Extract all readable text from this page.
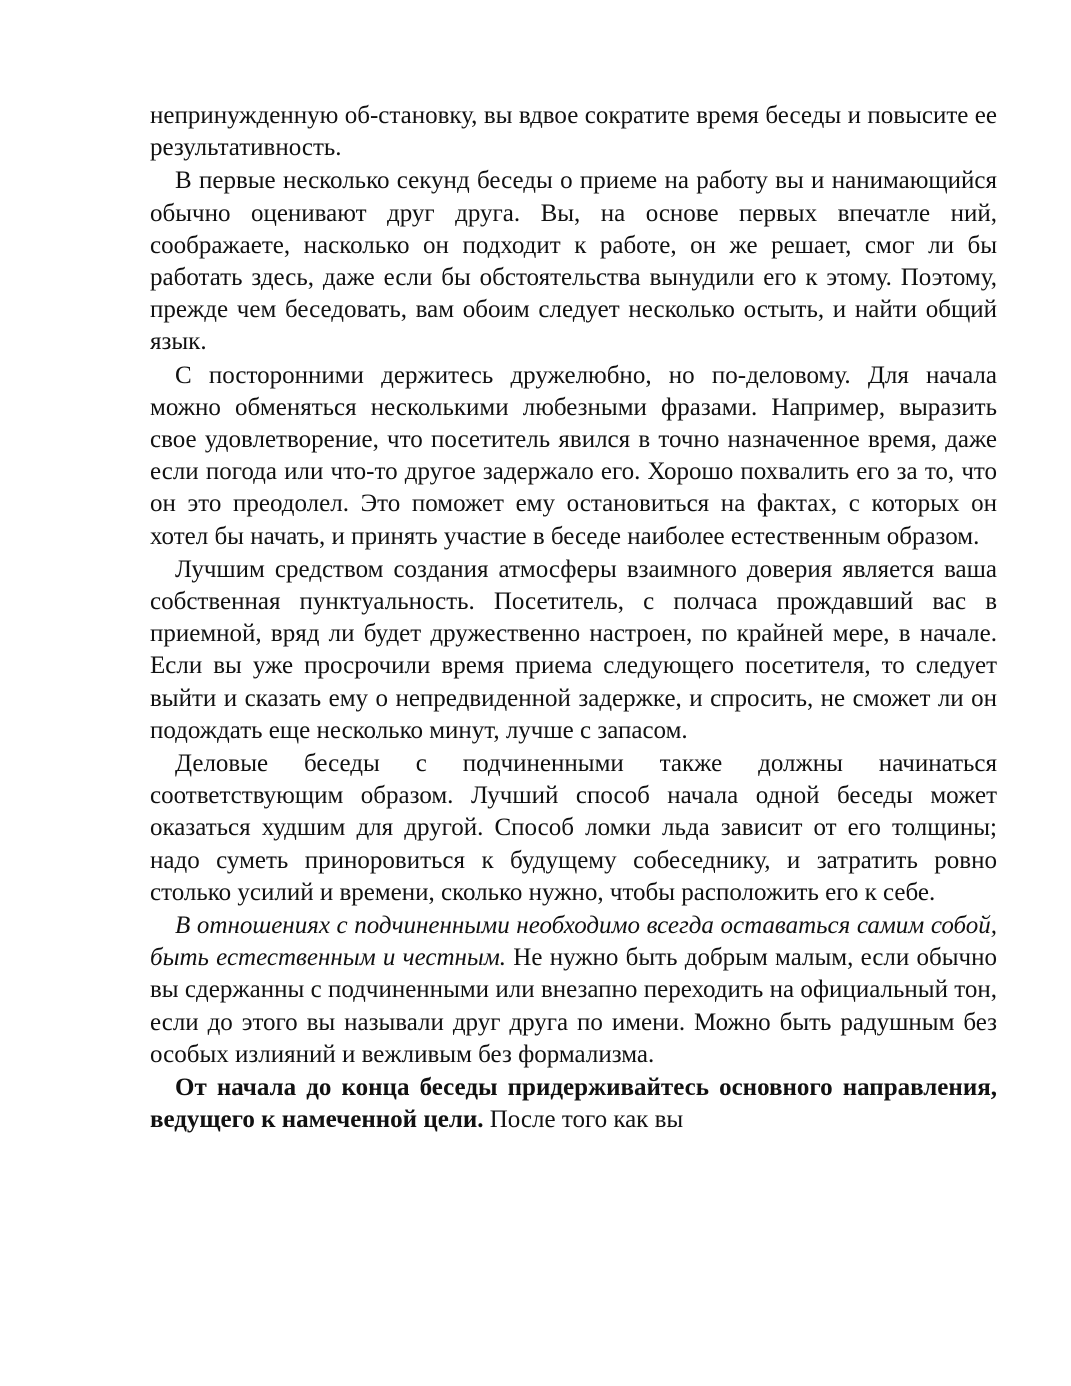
непринужденную об-становку, вы вдвое сократите время беседы и повысите ее результативность.

В первые несколько секунд беседы о приеме на работу вы и нанимающийся обычно оценивают друг друга. Вы, на основе первых впечатле ний, соображаете, насколько он подходит к работе, он же решает, смог ли бы работать здесь, даже если бы обстоятельства вынудили его к этому. Поэтому, прежде чем беседовать, вам обоим следует несколько остыть, и найти общий язык.

С посторонними держитесь дружелюбно, но по-деловому. Для начала можно обменяться несколькими любезными фразами. Например, выразить свое удовлетворение, что посетитель явился в точно назначенное время, даже если погода или что-то другое задержало его. Хорошо похвалить его за то, что он это преодолел. Это поможет ему остановиться на фактах, с которых он хотел бы начать, и принять участие в беседе наиболее естественным образом.

Лучшим средством создания атмосферы взаимного доверия является ваша собственная пунктуальность. Посетитель, с полчаса прождавший вас в приемной, вряд ли будет дружественно настроен, по крайней мере, в начале. Если вы уже просрочили время приема следующего посетителя, то следует выйти и сказать ему о непредвиденной задержке, и спросить, не сможет ли он подождать еще несколько минут, лучше с запасом.

Деловые беседы с подчиненными также должны начинаться соответствующим образом. Лучший способ начала одной беседы может оказаться худшим для другой. Способ ломки льда зависит от его толщины; надо суметь приноровиться к будущему собеседнику, и затратить ровно столько усилий и времени, сколько нужно, чтобы расположить его к себе.

В отношениях с подчиненными необходимо всегда оставаться самим собой, быть естественным и честным. Не нужно быть добрым малым, если обычно вы сдержанны с подчиненными или внезапно переходить на официальный тон, если до этого вы называли друг друга по имени. Можно быть радушным без особых излияний и вежливым без формализма.

От начала до конца беседы придерживайтесь основного направления, ведущего к намеченной цели. После того как вы
